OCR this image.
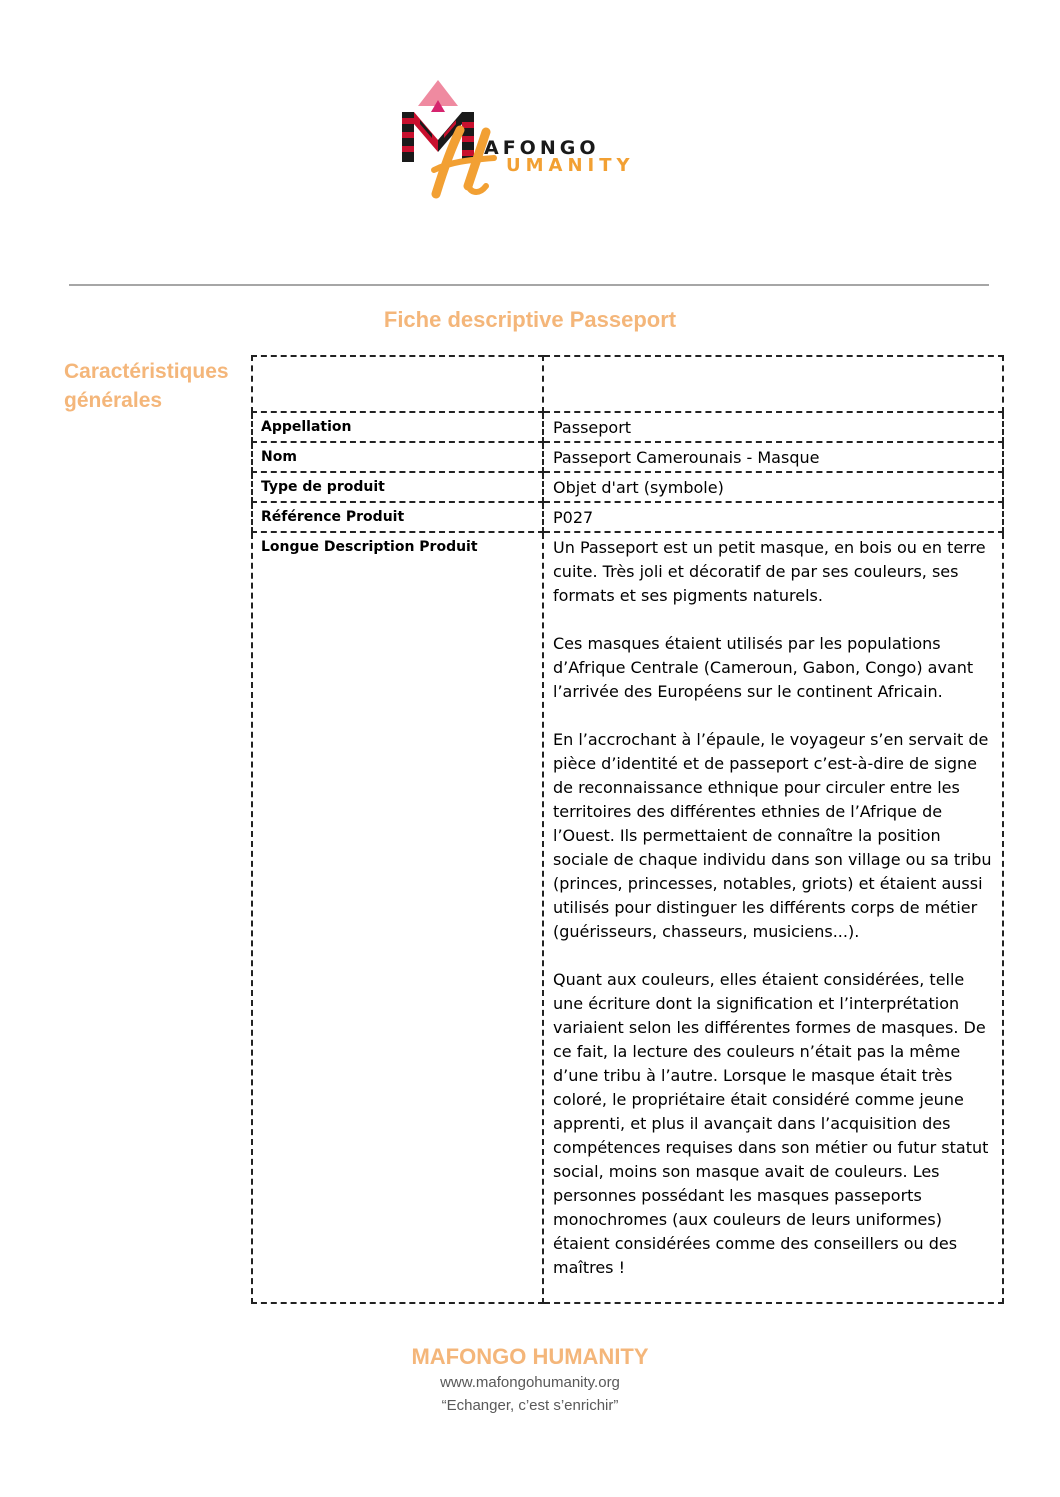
AFONGO
UMANITY
Fiche descriptive Passeport
Caractéristiques générales

Appellation	Passeport
Nom	Passeport Camerounais - Masque
Type de produit	Objet d'art (symbole)
Référence Produit	P027
Longue Description Produit	Un Passeport est un petit masque, en bois ou en terre cuite. Très joli et décoratif de par ses couleurs, ses formats et ses pigments naturels.

Ces masques étaient utilisés par les populations d’Afrique Centrale (Cameroun, Gabon, Congo) avant l’arrivée des Européens sur le continent Africain.

En l’accrochant à l’épaule, le voyageur s’en servait de pièce d’identité et de passeport c’est-à-dire de signe de reconnaissance ethnique pour circuler entre les territoires des différentes ethnies de l’Afrique de l’Ouest. Ils permettaient de connaître la position sociale de chaque individu dans son village ou sa tribu (princes, princesses, notables, griots) et étaient aussi utilisés pour distinguer les différents corps de métier (guérisseurs, chasseurs, musiciens...).

Quant aux couleurs, elles étaient considérées, telle une écriture dont la signification et l’interprétation variaient selon les différentes formes de masques. De ce fait, la lecture des couleurs n’était pas la même d’une tribu à l’autre. Lorsque le masque était très coloré, le propriétaire était considéré comme jeune apprenti, et plus il avançait dans l’acquisition des compétences requises dans son métier ou futur statut social, moins son masque avait de couleurs. Les personnes possédant les masques passeports monochromes (aux couleurs de leurs uniformes) étaient considérées comme des conseillers ou des maîtres !

MAFONGO HUMANITY
www.mafongohumanity.org
“Echanger, c’est s’enrichir”
